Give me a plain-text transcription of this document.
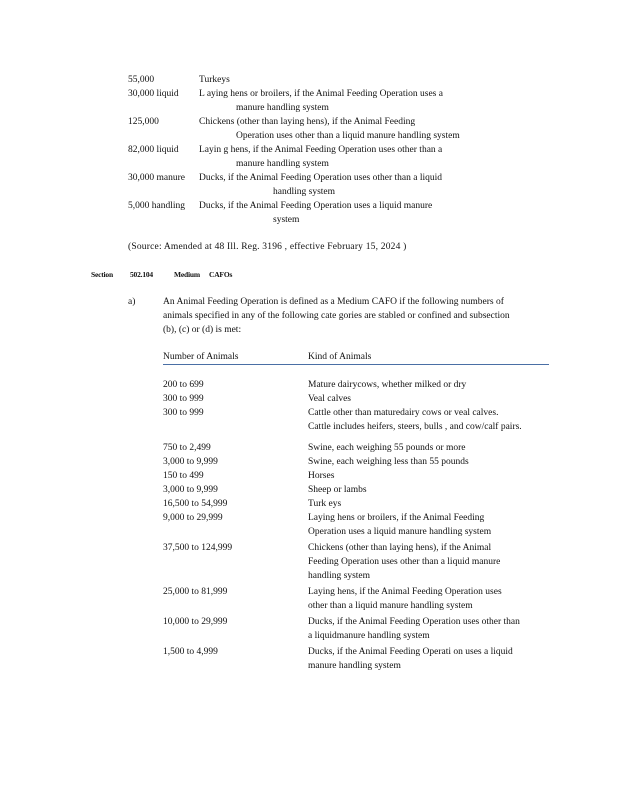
55,000	Turkeys
30,000 liquid	L aying hens or broilers, if the Animal Feeding Operation uses a
manure handling system
125,000	Chickens (other than laying hens), if the Animal Feeding
Operation uses other than a liquid manure handling system
82,000 liquid	Layin g hens, if the Animal Feeding Operation uses other than a
manure handling system
30,000 manure	Ducks, if the Animal Feeding Operation uses other than a liquid
handling system
5,000 handling	Ducks, if the Animal Feeding Operation uses a liquid manure
system
(Source: Amended at 48 Ill. Reg. 3196 , effective February 15, 2024 )
Section 502.104	Medium CAFOs
a)	An Animal Feeding Operation is defined as a Medium CAFO if the following numbers of animals specified in any of the following cate gories are stabled or confined and subsection (b), (c) or (d) is met:
Number of Animals	Kind of Animals
200 to 699	Mature dairycows, whether milked or dry
300 to 999	Veal calves
300 to 999	Cattle other than maturedairy cows or veal calves. Cattle includes heifers, steers, bulls , and cow/calf pairs.
750 to 2,499	Swine, each weighing 55 pounds or more
3,000 to 9,999	Swine, each weighing less than 55 pounds
150 to 499	Horses
3,000 to 9,999	Sheep or lambs
16,500 to 54,999	Turk eys
9,000 to 29,999	Laying hens or broilers, if the Animal Feeding Operation uses a liquid manure handling system
37,500 to 124,999	Chickens (other than laying hens), if the Animal Feeding Operation uses other than a liquid manure handling system
25,000 to 81,999	Laying hens, if the Animal Feeding Operation uses other than a liquid manure handling system
10,000 to 29,999	Ducks, if the Animal Feeding Operation uses other than a liquidmanure handling system
1,500 to 4,999	Ducks, if the Animal Feeding Operati on uses a liquid manure handling system
